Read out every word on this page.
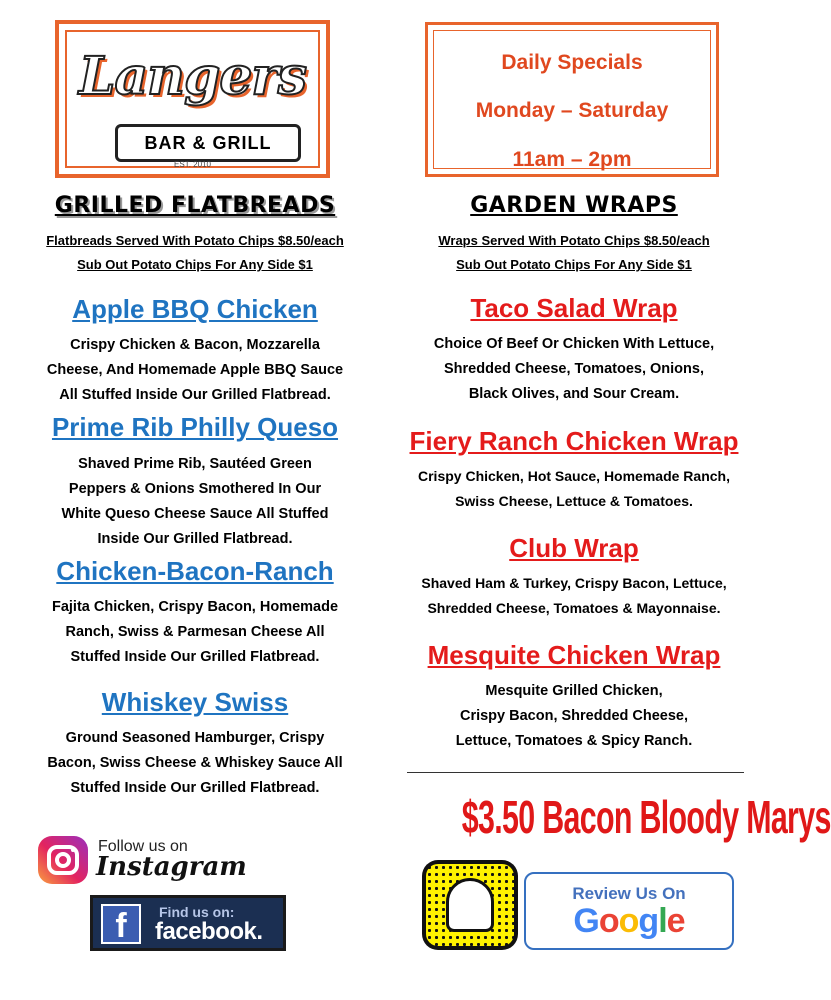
Langers
BAR & GRILL
EST. 2010
Daily Specials
Monday – Saturday
11am – 2pm
GRILLED FLATBREADS
Flatbreads Served With Potato Chips $8.50/each
Sub Out Potato Chips For Any Side $1
Apple BBQ Chicken
Crispy Chicken & Bacon, Mozzarella
Cheese, And Homemade Apple BBQ Sauce
All Stuffed Inside Our Grilled Flatbread.
Prime Rib Philly Queso
Shaved Prime Rib, Sautéed Green
Peppers & Onions Smothered In Our
White Queso Cheese Sauce All Stuffed
Inside Our Grilled Flatbread.
Chicken-Bacon-Ranch
Fajita Chicken, Crispy Bacon, Homemade
Ranch, Swiss & Parmesan Cheese All
Stuffed Inside Our Grilled Flatbread.
Whiskey Swiss
Ground Seasoned Hamburger, Crispy
Bacon, Swiss Cheese & Whiskey Sauce All
Stuffed Inside Our Grilled Flatbread.
GARDEN WRAPS
Wraps Served With Potato Chips $8.50/each
Sub Out Potato Chips For Any Side $1
Taco Salad Wrap
Choice Of Beef Or Chicken With Lettuce,
Shredded Cheese, Tomatoes, Onions,
Black Olives, and Sour Cream.
Fiery Ranch Chicken Wrap
Crispy Chicken, Hot Sauce, Homemade Ranch,
Swiss Cheese, Lettuce & Tomatoes.
Club Wrap
Shaved Ham & Turkey, Crispy Bacon, Lettuce,
Shredded Cheese, Tomatoes & Mayonnaise.
Mesquite Chicken Wrap
Mesquite Grilled Chicken,
Crispy Bacon, Shredded Cheese,
Lettuce, Tomatoes & Spicy Ranch.
$3.50 Bacon Bloody Marys
Follow us on
Instagram
f	Find us on:
facebook.
Review Us On
Google
